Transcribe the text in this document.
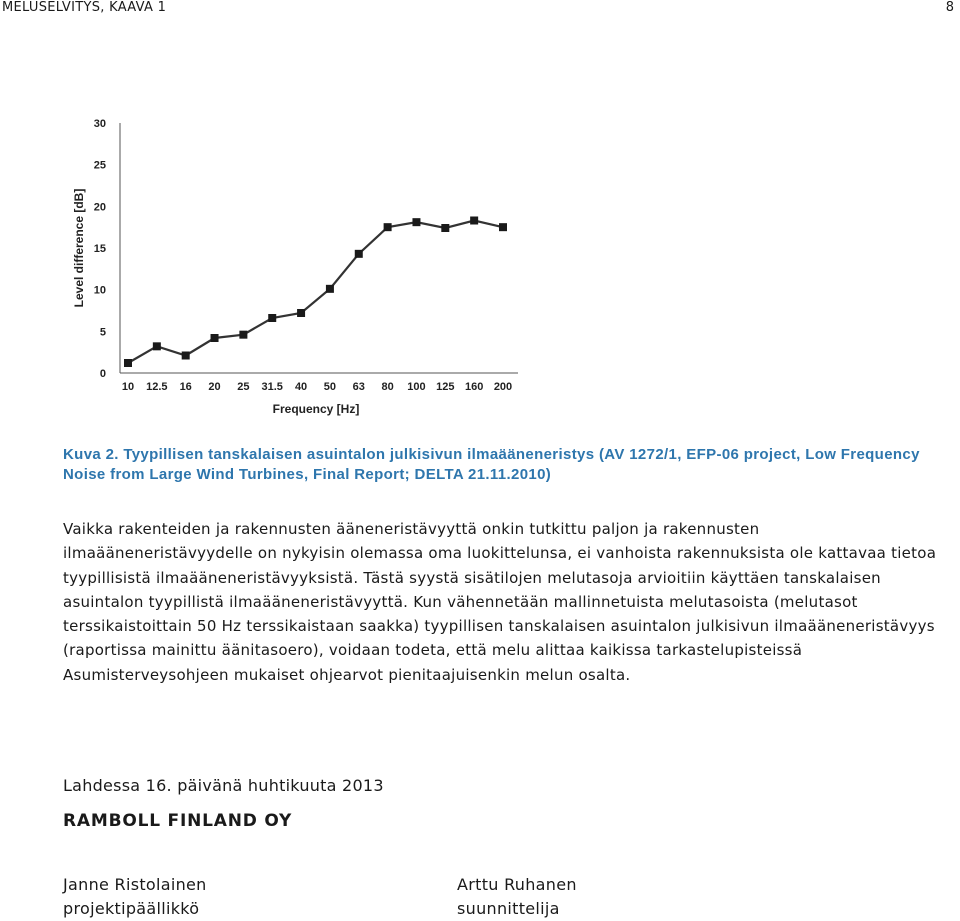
MELUSELVITYS, KAAVA 1	8
0
5
10
15
20
25
30
10 12.5 16 20 25 31.5 40 50 63 80 100 125 160 200
Level difference [dB]
Frequency [Hz]
Kuva 2. Tyypillisen tanskalaisen asuintalon julkisivun ilmaääneneristys (AV 1272/1, EFP-06 project, Low Frequency Noise from Large Wind Turbines, Final Report; DELTA 21.11.2010)

Vaikka rakenteiden ja rakennusten ääneneristävyyttä onkin tutkittu paljon ja rakennusten ilmaääneneristävyydelle on nykyisin olemassa oma luokittelunsa, ei vanhoista rakennuksista ole kattavaa tietoa tyypillisistä ilmaääneneristävyyksistä. Tästä syystä sisätilojen melutasoja arvioitiin käyttäen tanskalaisen asuintalon tyypillistä ilmaääneneristävyyttä. Kun vähennetään mallinnetuista melutasoista (melutasot terssikaistoittain 50 Hz terssikaistaan saakka) tyypillisen tanskalaisen asuintalon julkisivun ilmaääneneristävyys (raportissa mainittu äänitasoero), voidaan todeta, että melu alittaa kaikissa tarkastelupisteissä Asumisterveysohjeen mukaiset ohjearvot pienitaajuisenkin melun osalta.

Lahdessa 16. päivänä huhtikuuta 2013
RAMBOLL FINLAND OY
Janne Ristolainen
projektipäällikkö
Arttu Ruhanen
suunnittelija
